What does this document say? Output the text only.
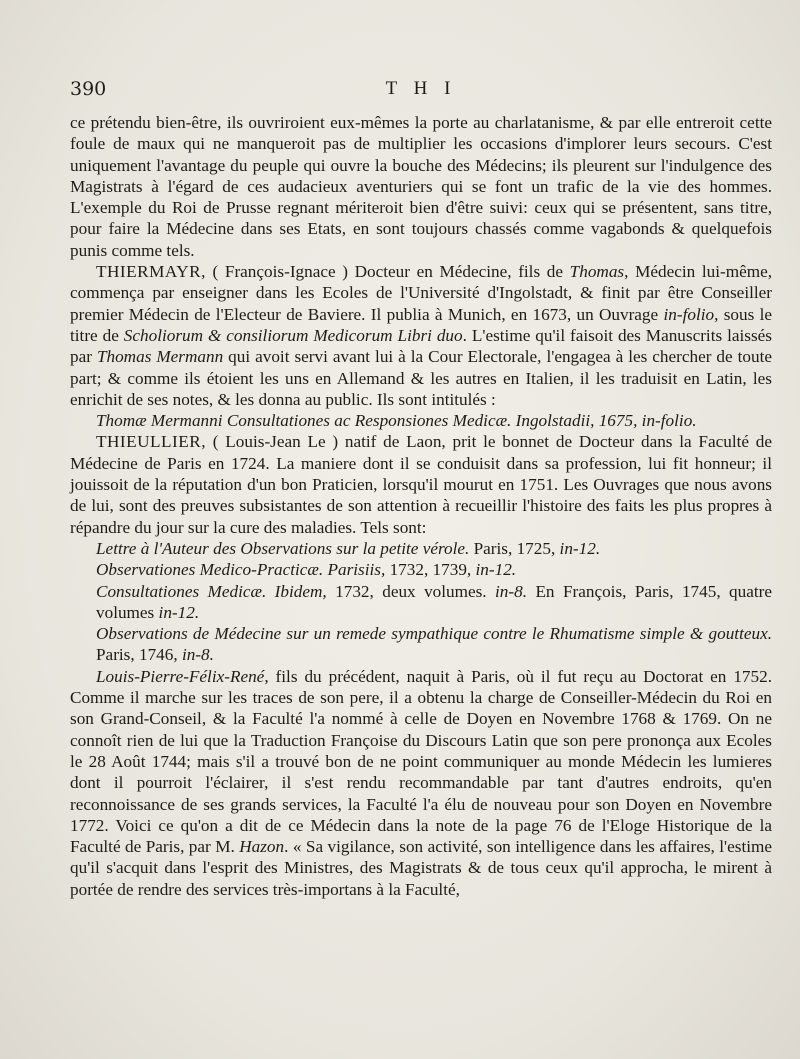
390	T H I

ce prétendu bien-être, ils ouvriroient eux-mêmes la porte au charlatanisme, & par elle entreroit cette foule de maux qui ne manqueroit pas de multiplier les occasions d'implorer leurs secours. C'est uniquement l'avantage du peuple qui ouvre la bouche des Médecins; ils pleurent sur l'indulgence des Magistrats à l'égard de ces audacieux aventuriers qui se font un trafic de la vie des hommes. L'exemple du Roi de Prusse regnant mériteroit bien d'être suivi: ceux qui se présentent, sans titre, pour faire la Médecine dans ses Etats, en sont toujours chassés comme vagabonds & quelquefois punis comme tels.

THIERMAYR, ( François-Ignace ) Docteur en Médecine, fils de Thomas, Médecin lui-même, commença par enseigner dans les Ecoles de l'Université d'Ingolstadt, & finit par être Conseiller premier Médecin de l'Electeur de Baviere. Il publia à Munich, en 1673, un Ouvrage in-folio, sous le titre de Scholiorum & consiliorum Medicorum Libri duo. L'estime qu'il faisoit des Manuscrits laissés par Thomas Mermann qui avoit servi avant lui à la Cour Electorale, l'engagea à les chercher de toute part; & comme ils étoient les uns en Allemand & les autres en Italien, il les traduisit en Latin, les enrichit de ses notes, & les donna au public. Ils sont intitulés :

Thomæ Mermanni Consultationes ac Responsiones Medicæ. Ingolstadii, 1675, in-folio.

THIEULLIER, ( Louis-Jean Le ) natif de Laon, prit le bonnet de Docteur dans la Faculté de Médecine de Paris en 1724. La maniere dont il se conduisit dans sa profession, lui fit honneur; il jouissoit de la réputation d'un bon Praticien, lorsqu'il mourut en 1751. Les Ouvrages que nous avons de lui, sont des preuves subsistantes de son attention à recueillir l'histoire des faits les plus propres à répandre du jour sur la cure des maladies. Tels sont:

Lettre à l'Auteur des Observations sur la petite vérole. Paris, 1725, in-12.

Observationes Medico-Practicæ. Parisiis, 1732, 1739, in-12.

Consultationes Medicæ. Ibidem, 1732, deux volumes. in-8. En François, Paris, 1745, quatre volumes in-12.

Observations de Médecine sur un remede sympathique contre le Rhumatisme simple & goutteux. Paris, 1746, in-8.

Louis-Pierre-Félix-René, fils du précédent, naquit à Paris, où il fut reçu au Doctorat en 1752. Comme il marche sur les traces de son pere, il a obtenu la charge de Conseiller-Médecin du Roi en son Grand-Conseil, & la Faculté l'a nommé à celle de Doyen en Novembre 1768 & 1769. On ne connoît rien de lui que la Traduction Françoise du Discours Latin que son pere prononça aux Ecoles le 28 Août 1744; mais s'il a trouvé bon de ne point communiquer au monde Médecin les lumieres dont il pourroit l'éclairer, il s'est rendu recommandable par tant d'autres endroits, qu'en reconnoissance de ses grands services, la Faculté l'a élu de nouveau pour son Doyen en Novembre 1772. Voici ce qu'on a dit de ce Médecin dans la note de la page 76 de l'Eloge Historique de la Faculté de Paris, par M. Hazon. « Sa vigilance, son activité, son intelligence dans les affaires, l'estime qu'il s'acquit dans l'esprit des Ministres, des Magistrats & de tous ceux qu'il approcha, le mirent à portée de rendre des services très-importans à la Faculté,
